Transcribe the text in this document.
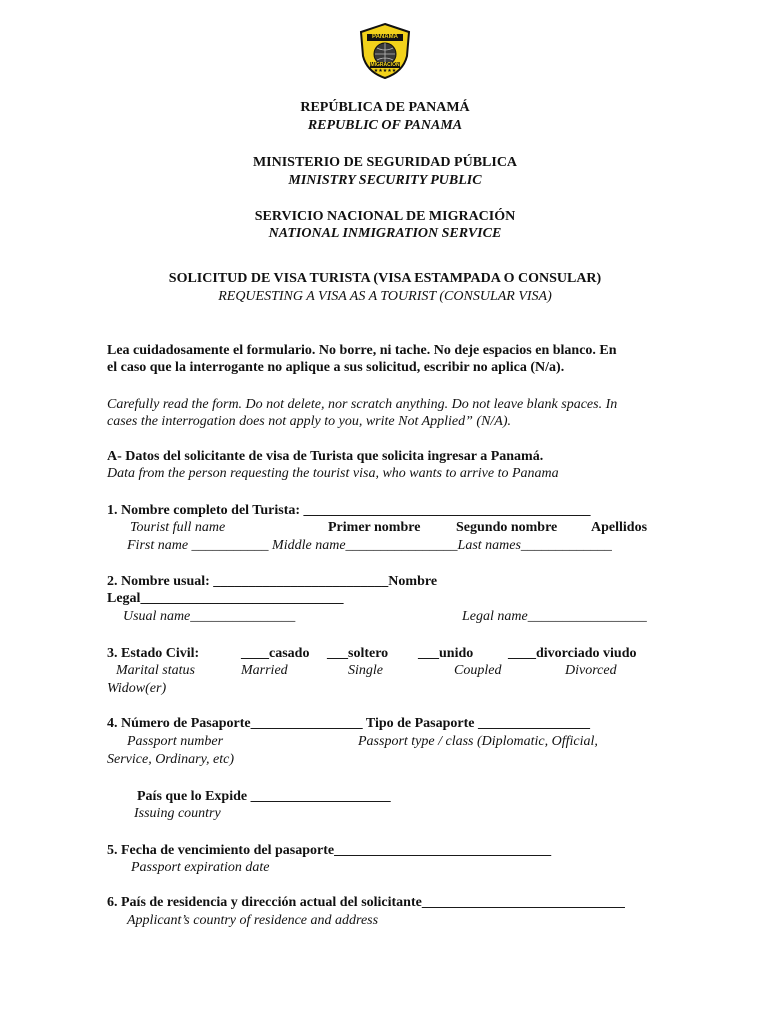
PANAMA
MIGRACIÓN
★★★★★
REPÚBLICA DE PANAMÁ
REPUBLIC OF PANAMA
MINISTERIO DE SEGURIDAD PÚBLICA
MINISTRY SECURITY PUBLIC
SERVICIO NACIONAL DE MIGRACIÓN
NATIONAL INMIGRATION SERVICE
SOLICITUD DE VISA TURISTA (VISA ESTAMPADA O CONSULAR)
REQUESTING A VISA AS A TOURIST (CONSULAR VISA)
Lea cuidadosamente el formulario. No borre, ni tache. No deje espacios en blanco. En
el caso que la interrogante no aplique a sus solicitud, escribir no aplica (N/a).
Carefully read the form. Do not delete, nor scratch anything. Do not leave blank spaces. In
cases the interrogation does not apply to you, write Not Applied” (N/A).
A- Datos del solicitante de visa de Turista que solicita ingresar a Panamá.
Data from the person requesting the tourist visa, who wants to arrive to Panama
1. Nombre completo del Turista: _________________________________________
Tourist full name	Primer nombre	Segundo nombre Apellidos
First name ___________ Middle name________________Last names_____________
2. Nombre usual: _________________________Nombre
Legal_____________________________
Usual name_______________	Legal name_________________
3. Estado Civil:	____casado ___soltero ___unido ____divorciado viudo
Marital status	Married	Single	Coupled	Divorced
Widow(er)
4. Número de Pasaporte________________ Tipo de Pasaporte ________________
Passport number	Passport type / class (Diplomatic, Official,
Service, Ordinary, etc)
País que lo Expide ____________________
Issuing country
5. Fecha de vencimiento del pasaporte_______________________________
Passport expiration date
6. País de residencia y dirección actual del solicitante_____________________________
Applicant’s country of residence and address
